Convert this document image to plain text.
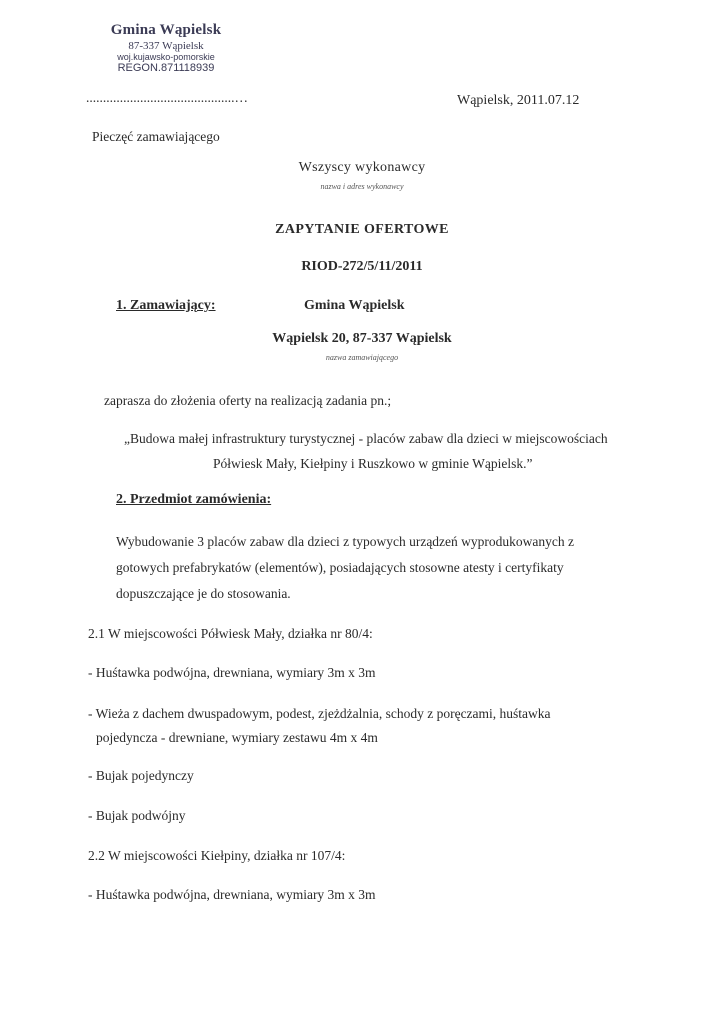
Gmina Wąpielsk
87-337 Wąpielsk
woj.kujawsko-pomorskie
REGON.871118939
............................................…	Wąpielsk, 2011.07.12
Pieczęć zamawiającego
Wszyscy wykonawcy
nazwa i adres wykonawcy
ZAPYTANIE OFERTOWE
RIOD-272/5/11/2011
1. Zamawiający:	Gmina Wąpielsk
Wąpielsk 20, 87-337 Wąpielsk
nazwa zamawiającego
zaprasza do złożenia oferty na realizacją zadania pn.;
„Budowa małej infrastruktury turystycznej - placów zabaw dla dzieci w miejscowościach
Półwiesk Mały, Kiełpiny i Ruszkowo w gminie Wąpielsk.”
2. Przedmiot zamówienia:
Wybudowanie 3 placów zabaw dla dzieci z typowych urządzeń wyprodukowanych z
gotowych prefabrykatów (elementów), posiadających stosowne atesty i certyfikaty
dopuszczające je do stosowania.
2.1 W miejscowości Półwiesk Mały, działka nr 80/4:
- Huśtawka podwójna, drewniana, wymiary 3m x 3m
- Wieża z dachem dwuspadowym, podest, zjeżdżalnia, schody z poręczami, huśtawka
pojedyncza - drewniane, wymiary zestawu 4m x 4m
- Bujak pojedynczy
- Bujak podwójny
2.2 W miejscowości Kiełpiny, działka nr 107/4:
- Huśtawka podwójna, drewniana, wymiary 3m x 3m
